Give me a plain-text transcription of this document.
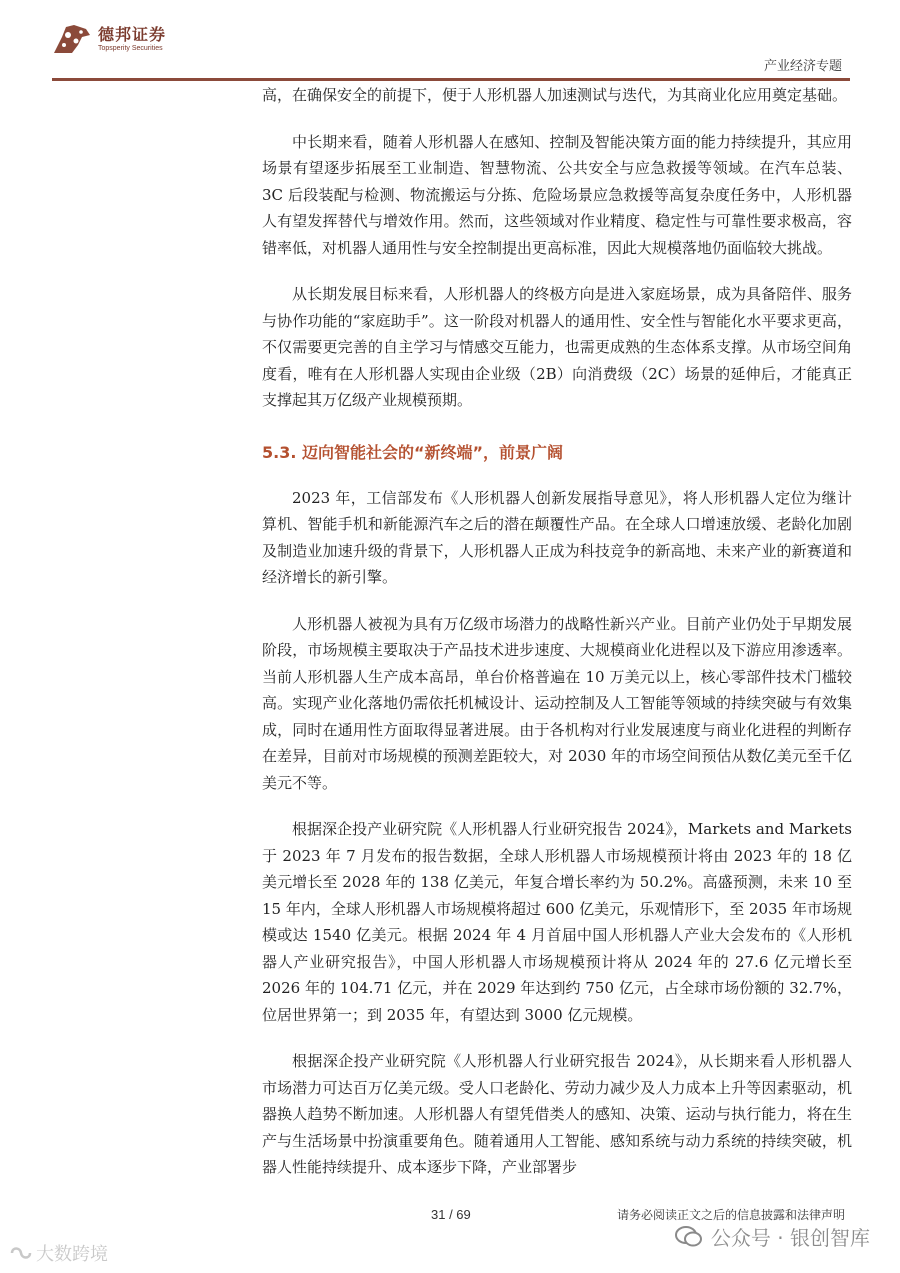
德邦证券
Topsperity Securities
产业经济专题

高，在确保安全的前提下，便于人形机器人加速测试与迭代，为其商业化应用奠定基础。

中长期来看，随着人形机器人在感知、控制及智能决策方面的能力持续提升，其应用场景有望逐步拓展至工业制造、智慧物流、公共安全与应急救援等领域。在汽车总装、3C 后段装配与检测、物流搬运与分拣、危险场景应急救援等高复杂度任务中，人形机器人有望发挥替代与增效作用。然而，这些领域对作业精度、稳定性与可靠性要求极高，容错率低，对机器人通用性与安全控制提出更高标准，因此大规模落地仍面临较大挑战。

从长期发展目标来看，人形机器人的终极方向是进入家庭场景，成为具备陪伴、服务与协作功能的“家庭助手”。这一阶段对机器人的通用性、安全性与智能化水平要求更高，不仅需要更完善的自主学习与情感交互能力，也需更成熟的生态体系支撑。从市场空间角度看，唯有在人形机器人实现由企业级（2B）向消费级（2C）场景的延伸后，才能真正支撑起其万亿级产业规模预期。

5.3. 迈向智能社会的“新终端”，前景广阔

2023 年，工信部发布《人形机器人创新发展指导意见》，将人形机器人定位为继计算机、智能手机和新能源汽车之后的潜在颠覆性产品。在全球人口增速放缓、老龄化加剧及制造业加速升级的背景下，人形机器人正成为科技竞争的新高地、未来产业的新赛道和经济增长的新引擎。

人形机器人被视为具有万亿级市场潜力的战略性新兴产业。目前产业仍处于早期发展阶段，市场规模主要取决于产品技术进步速度、大规模商业化进程以及下游应用渗透率。当前人形机器人生产成本高昂，单台价格普遍在 10 万美元以上，核心零部件技术门槛较高。实现产业化落地仍需依托机械设计、运动控制及人工智能等领域的持续突破与有效集成，同时在通用性方面取得显著进展。由于各机构对行业发展速度与商业化进程的判断存在差异，目前对市场规模的预测差距较大，对 2030 年的市场空间预估从数亿美元至千亿美元不等。

根据深企投产业研究院《人形机器人行业研究报告 2024》，Markets and Markets 于 2023 年 7 月发布的报告数据，全球人形机器人市场规模预计将由 2023 年的 18 亿美元增长至 2028 年的 138 亿美元，年复合增长率约为 50.2%。高盛预测，未来 10 至 15 年内，全球人形机器人市场规模将超过 600 亿美元，乐观情形下，至 2035 年市场规模或达 1540 亿美元。根据 2024 年 4 月首届中国人形机器人产业大会发布的《人形机器人产业研究报告》，中国人形机器人市场规模预计将从 2024 年的 27.6 亿元增长至 2026 年的 104.71 亿元，并在 2029 年达到约 750 亿元，占全球市场份额的 32.7%，位居世界第一；到 2035 年，有望达到 3000 亿元规模。

根据深企投产业研究院《人形机器人行业研究报告 2024》，从长期来看人形机器人市场潜力可达百万亿美元级。受人口老龄化、劳动力减少及人力成本上升等因素驱动，机器换人趋势不断加速。人形机器人有望凭借类人的感知、决策、运动与执行能力，将在生产与生活场景中扮演重要角色。随着通用人工智能、感知系统与动力系统的持续突破，机器人性能持续提升、成本逐步下降，产业部署步

31 / 69	请务必阅读正文之后的信息披露和法律声明
公众号 · 银创智库
大数跨境
